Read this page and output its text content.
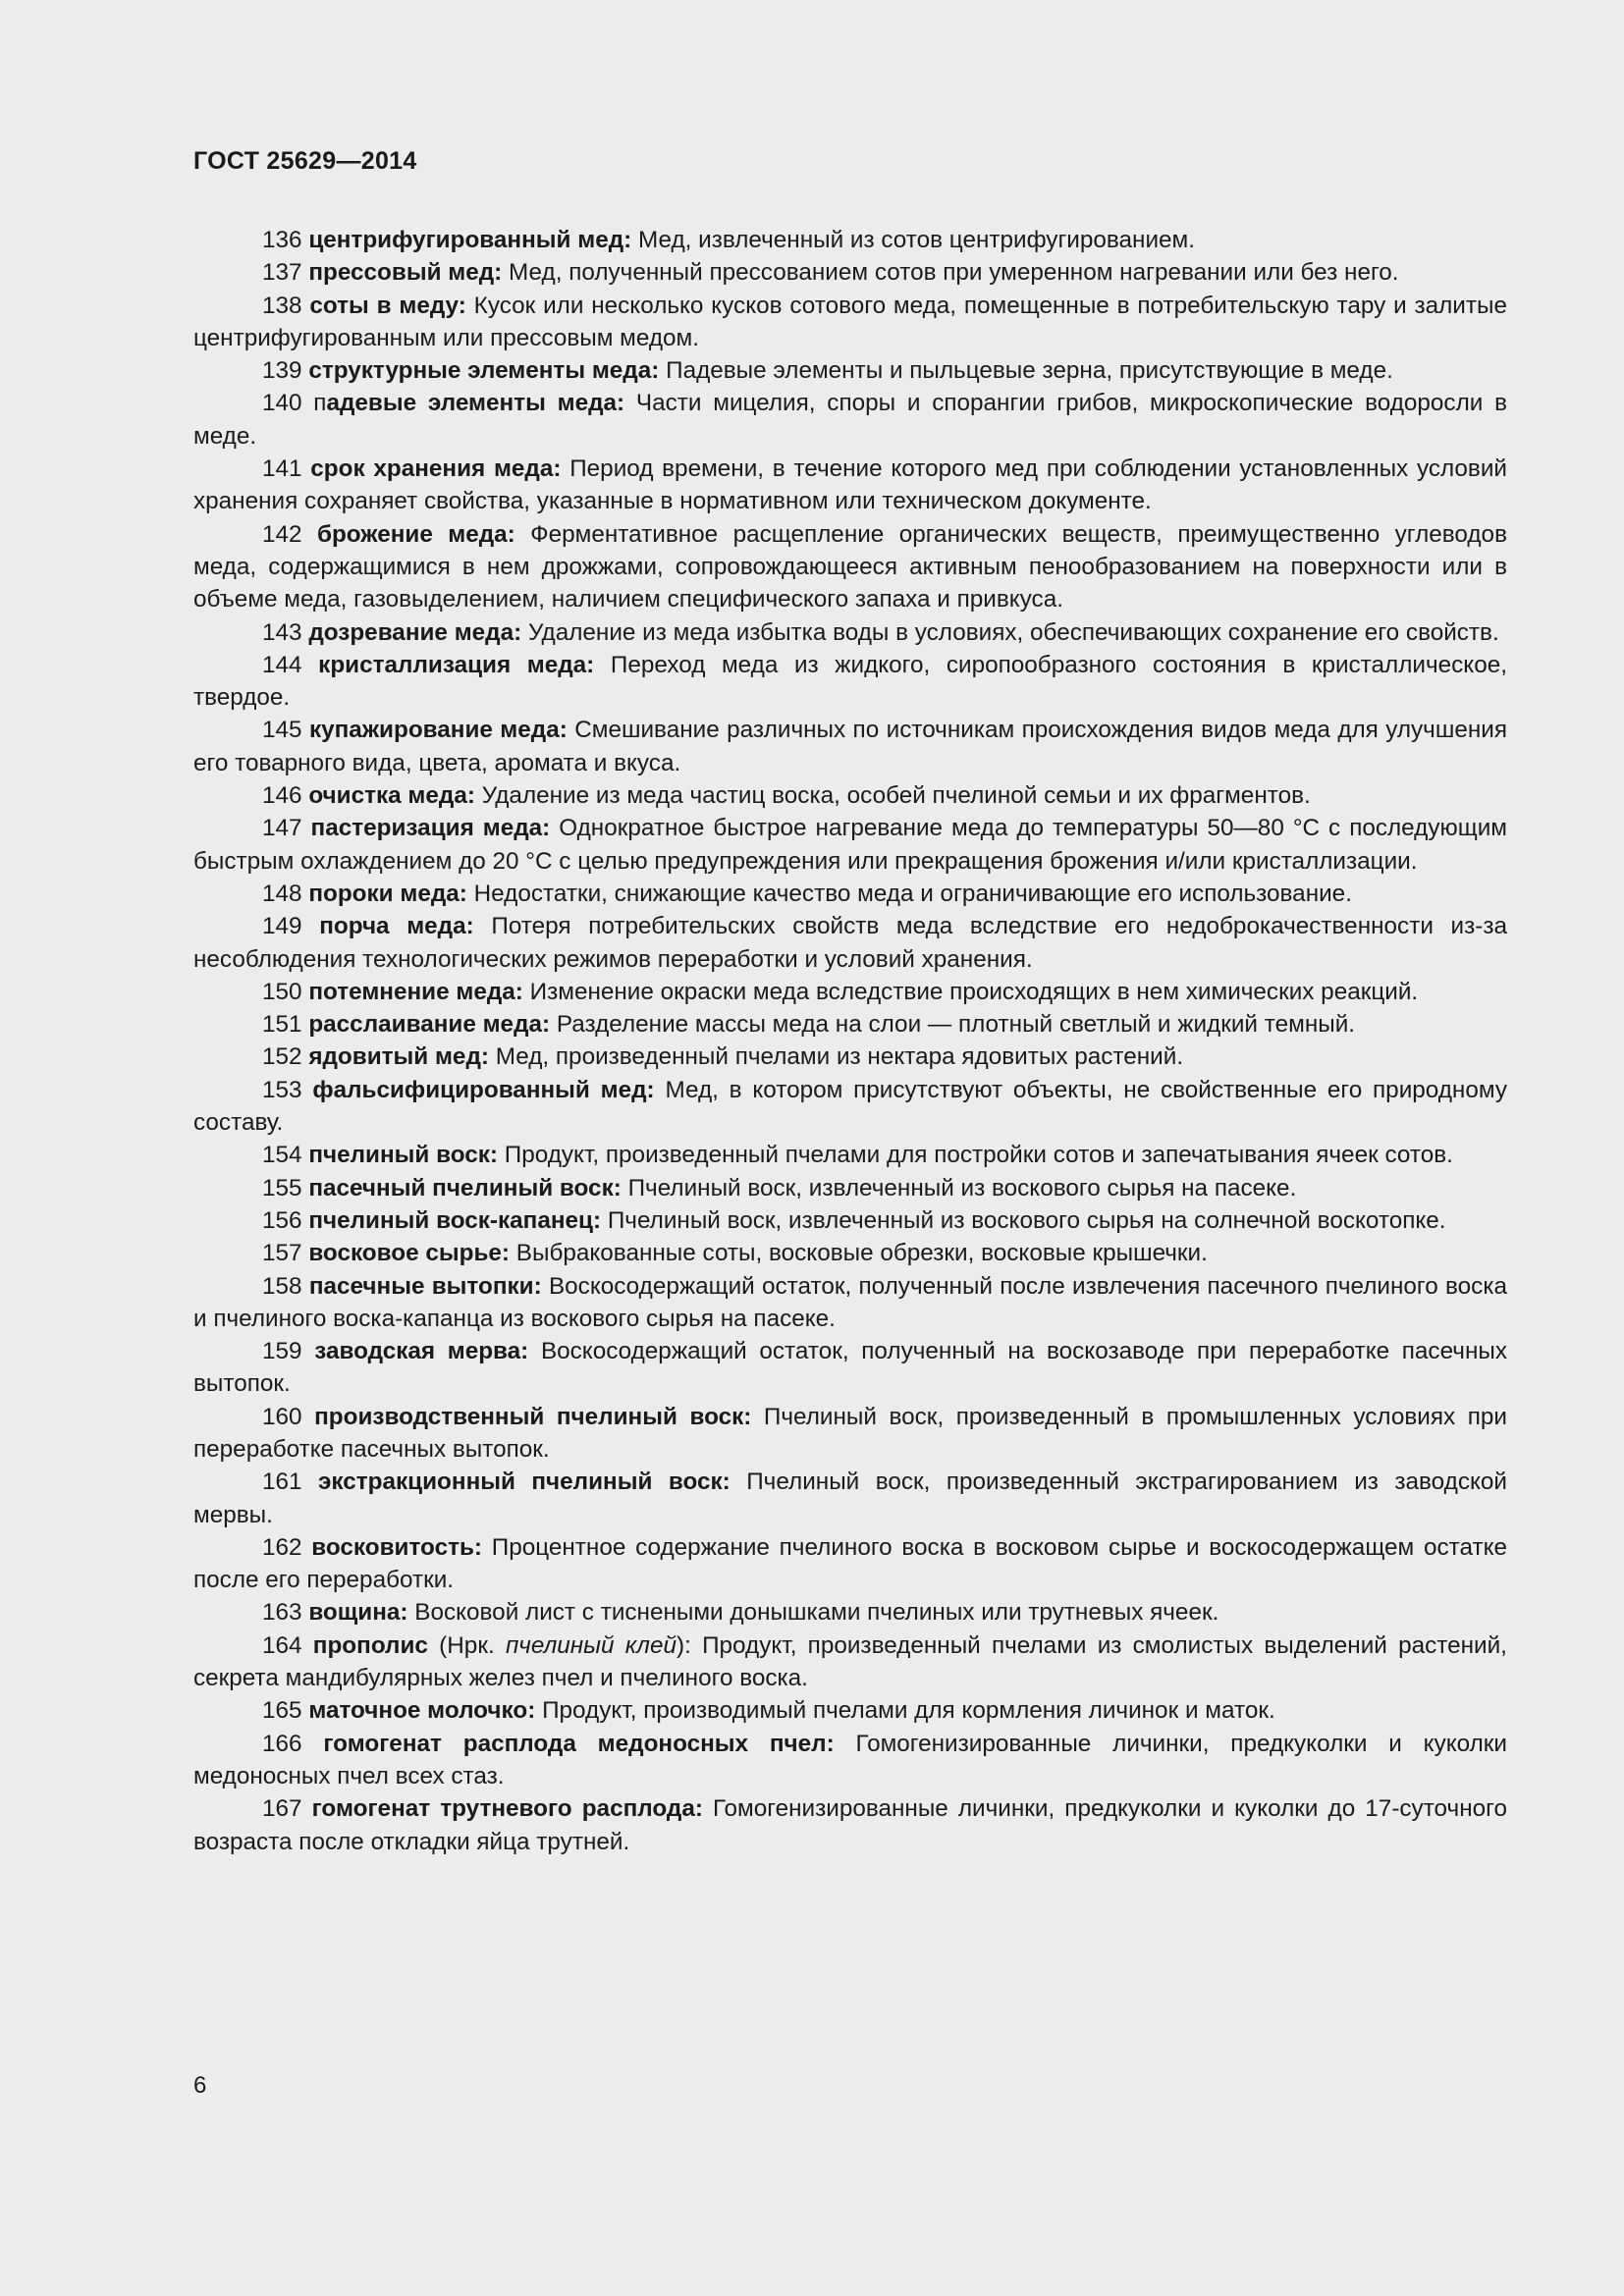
ГОСТ 25629—2014

136 центрифугированный мед: Мед, извлеченный из сотов центрифугированием.

137 прессовый мед: Мед, полученный прессованием сотов при умеренном нагревании или без него.

138 соты в меду: Кусок или несколько кусков сотового меда, помещенные в потребительскую тару и залитые центрифугированным или прессовым медом.

139 структурные элементы меда: Падевые элементы и пыльцевые зерна, присутствующие в меде.

140 падевые элементы меда: Части мицелия, споры и спорангии грибов, микроскопические водоросли в меде.

141 срок хранения меда: Период времени, в течение которого мед при соблюдении установленных условий хранения сохраняет свойства, указанные в нормативном или техническом документе.

142 брожение меда: Ферментативное расщепление органических веществ, преимущественно углеводов меда, содержащимися в нем дрожжами, сопровождающееся активным пенообразованием на поверхности или в объеме меда, газовыделением, наличием специфического запаха и привкуса.

143 дозревание меда: Удаление из меда избытка воды в условиях, обеспечивающих сохранение его свойств.

144 кристаллизация меда: Переход меда из жидкого, сиропообразного состояния в кристаллическое, твердое.

145 купажирование меда: Смешивание различных по источникам происхождения видов меда для улучшения его товарного вида, цвета, аромата и вкуса.

146 очистка меда: Удаление из меда частиц воска, особей пчелиной семьи и их фрагментов.

147 пастеризация меда: Однократное быстрое нагревание меда до температуры 50—80 °С с последующим быстрым охлаждением до 20 °С с целью предупреждения или прекращения брожения и/или кристаллизации.

148 пороки меда: Недостатки, снижающие качество меда и ограничивающие его использование.

149 порча меда: Потеря потребительских свойств меда вследствие его недоброкачественности из-за несоблюдения технологических режимов переработки и условий хранения.

150 потемнение меда: Изменение окраски меда вследствие происходящих в нем химических реакций.

151 расслаивание меда: Разделение массы меда на слои — плотный светлый и жидкий темный.

152 ядовитый мед: Мед, произведенный пчелами из нектара ядовитых растений.

153 фальсифицированный мед: Мед, в котором присутствуют объекты, не свойственные его природному составу.

154 пчелиный воск: Продукт, произведенный пчелами для постройки сотов и запечатывания ячеек сотов.

155 пасечный пчелиный воск: Пчелиный воск, извлеченный из воскового сырья на пасеке.

156 пчелиный воск-капанец: Пчелиный воск, извлеченный из воскового сырья на солнечной воскотопке.

157 восковое сырье: Выбракованные соты, восковые обрезки, восковые крышечки.

158 пасечные вытопки: Воскосодержащий остаток, полученный после извлечения пасечного пчелиного воска и пчелиного воска-капанца из воскового сырья на пасеке.

159 заводская мерва: Воскосодержащий остаток, полученный на воскозаводе при переработке пасечных вытопок.

160 производственный пчелиный воск: Пчелиный воск, произведенный в промышленных условиях при переработке пасечных вытопок.

161 экстракционный пчелиный воск: Пчелиный воск, произведенный экстрагированием из заводской мервы.

162 восковитость: Процентное содержание пчелиного воска в восковом сырье и воскосодержащем остатке после его переработки.

163 вощина: Восковой лист с тиснеными донышками пчелиных или трутневых ячеек.

164 прополис (Нрк. пчелиный клей): Продукт, произведенный пчелами из смолистых выделений растений, секрета мандибулярных желез пчел и пчелиного воска.

165 маточное молочко: Продукт, производимый пчелами для кормления личинок и маток.

166 гомогенат расплода медоносных пчел: Гомогенизированные личинки, предкуколки и куколки медоносных пчел всех стаз.

167 гомогенат трутневого расплода: Гомогенизированные личинки, предкуколки и куколки до 17-суточного возраста после откладки яйца трутней.

6
